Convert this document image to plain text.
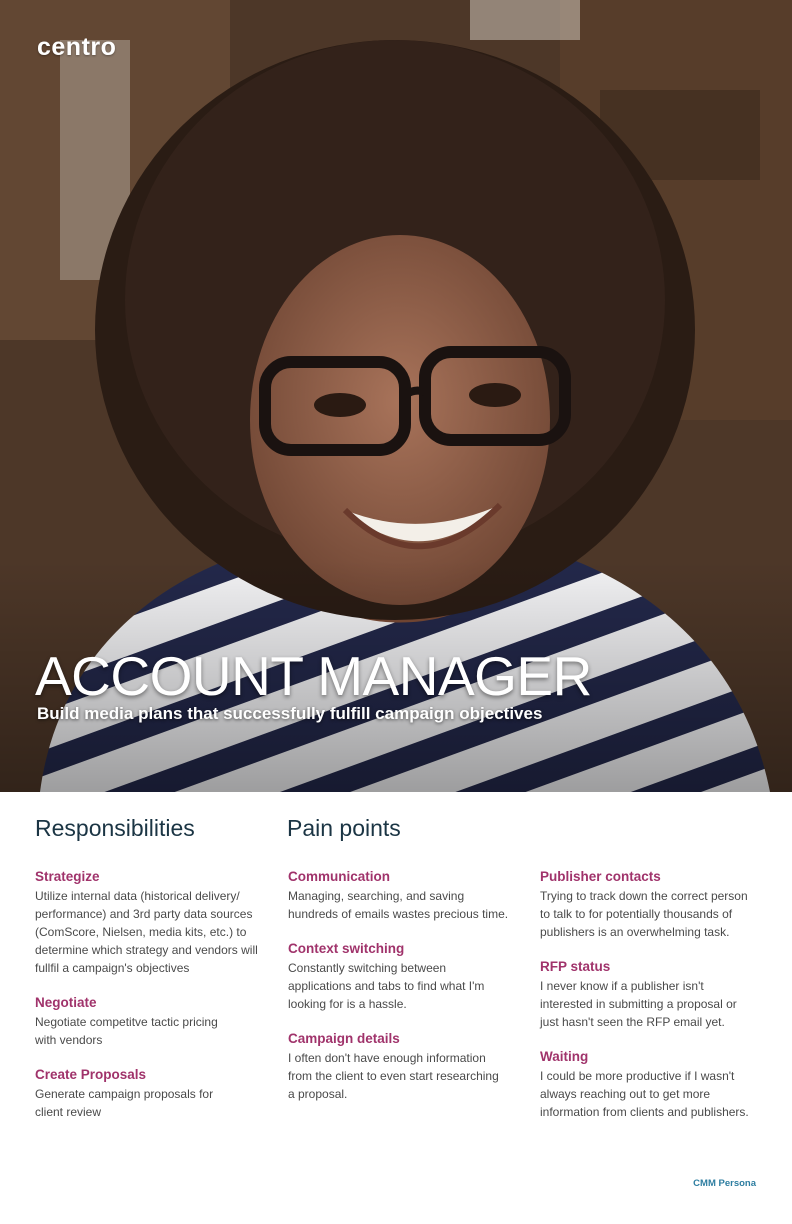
centro
ACCOUNT MANAGER
Build media plans that successfully fulfill campaign objectives
Responsibilities
Strategize

Utilize internal data (historical delivery/ performance) and 3rd party data sources (ComScore, Nielsen, media kits, etc.) to determine which strategy and vendors will fullfil a campaign's objectives

Negotiate

Negotiate competitve tactic pricing with vendors

Create Proposals

Generate campaign proposals for client review

Pain points
Communication

Managing, searching, and saving hundreds of emails wastes precious time.

Context switching

Constantly switching between applications and tabs to find what I'm looking for is a hassle.

Campaign details

I often don't have enough information from the client to even start researching a proposal.

Publisher contacts

Trying to track down the correct person to talk to for potentially thousands of publishers is an overwhelming task.

RFP status

I never know if a publisher isn't interested in submitting a proposal or just hasn't seen the RFP email yet.

Waiting

I could be more productive if I wasn't always reaching out to get more information from clients and publishers.

CMM Persona
